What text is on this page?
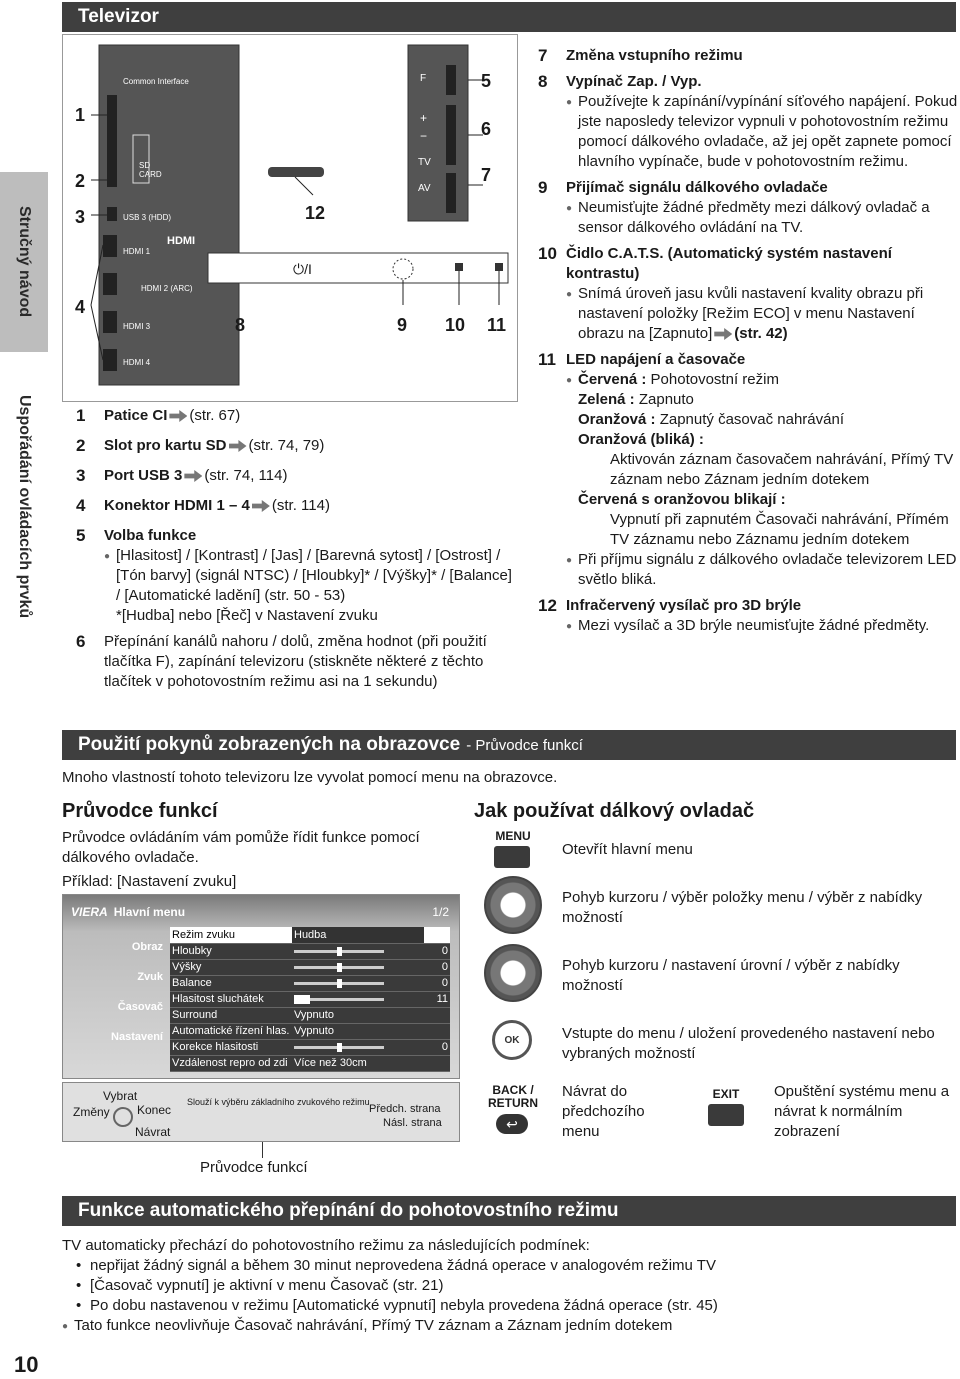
Stručný návod
Uspořádání ovládacích prvků
10
Televizor
1
2
3
4
5
6
7
8	9 10 11
12
Common Interface
SD CARD
USB 3 (HDD)
HDMI
HDMI 1
HDMI 2 (ARC)
HDMI 3
HDMI 4
F
+
−
TV
AV
⏻/I
1 Patice CI (str. 67)
2 Slot pro kartu SD (str. 74, 79)
3 Port USB 3 (str. 74, 114)
4 Konektor HDMI 1 – 4 (str. 114)
5 Volba funkce
● [Hlasitost] / [Kontrast] / [Jas] / [Barevná sytost] / [Ostrost] / [Tón barvy] (signál NTSC) / [Hloubky]* / [Výšky]* / [Balance] / [Automatické ladění] (str. 50 - 53)
*[Hudba] nebo [Řeč] v Nastavení zvuku
6 Přepínání kanálů nahoru / dolů, změna hodnot (při použití tlačítka F), zapínání televizoru (stiskněte některé z těchto tlačítek v pohotovostním režimu asi na 1 sekundu)
7 Změna vstupního režimu
8 Vypínač Zap. / Vyp.
● Používejte k zapínání/vypínání síťového napájení. Pokud jste naposledy televizor vypnuli v pohotovostním režimu pomocí dálkového ovladače, až jej opět zapnete pomocí hlavního vypínače, bude v pohotovostním režimu.
9 Přijímač signálu dálkového ovladače
● Neumisťujte žádné předměty mezi dálkový ovladač a sensor dálkového ovládání na TV.
10 Čidlo C.A.T.S. (Automatický systém nastavení kontrastu)
● Snímá úroveň jasu kvůli nastavení kvality obrazu při nastavení položky [Režim ECO] v menu Nastavení obrazu na [Zapnuto] (str. 42)
11 LED napájení a časovače
● Červená : Pohotovostní režim
Zelená : Zapnuto
Oranžová : Zapnutý časovač nahrávání
Oranžová (bliká) :
Aktivován záznam časovačem nahrávání, Přímý TV záznam nebo Záznam jedním dotekem
Červená s oranžovou blikají :
Vypnutí při zapnutém Časovači nahrávání, Přímém TV záznamu nebo Záznamu jedním dotekem
● Při příjmu signálu z dálkového ovladače televizorem LED světlo bliká.
12 Infračervený vysílač pro 3D brýle
● Mezi vysílač a 3D brýle neumisťujte žádné předměty.
Použití pokynů zobrazených na obrazovce - Průvodce funkcí
Mnoho vlastností tohoto televizoru lze vyvolat pomocí menu na obrazovce.
Průvodce funkcí
Průvodce ovládáním vám pomůže řídit funkce pomocí dálkového ovladače.
Příklad: [Nastavení zvuku]
VIERA Hlavní menu	1/2
Obraz
Zvuk
Časovač
Nastavení
Režim zvuku	Hudba	
Hloubky		0
Výšky		0
Balance		0
Hlasitost sluchátek		11
Surround	Vypnuto	
Automatické řízení hlas.	Vypnuto	
Korekce hlasitosti		0
Vzdálenost repro od zdi	Více než 30cm	
Vybrat
Změny Konec
Návrat
Slouží k výběru základního zvukového režimu
Předch. strana
Násl. strana
Průvodce funkcí
Jak používat dálkový ovladač
MENU
Otevřít hlavní menu
Pohyb kurzoru / výběr položky menu / výběr z nabídky možností
Pohyb kurzoru / nastavení úrovní / výběr z nabídky možností
OK	Vstupte do menu / uložení provedeného nastavení nebo vybraných možností
BACK / RETURN
↩
Návrat do předchozího menu
EXIT	Opuštění systému menu a návrat k normálním zobrazení
Funkce automatického přepínání do pohotovostního režimu
TV automaticky přechází do pohotovostního režimu za následujících podmínek:
• nepřijat žádný signál a během 30 minut neprovedena žádná operace v analogovém režimu TV
• [Časovač vypnutí] je aktivní v menu Časovač (str. 21)
• Po dobu nastavenou v režimu [Automatické vypnutí] nebyla provedena žádná operace (str. 45)
● Tato funkce neovlivňuje Časovač nahrávání, Přímý TV záznam a Záznam jedním dotekem
